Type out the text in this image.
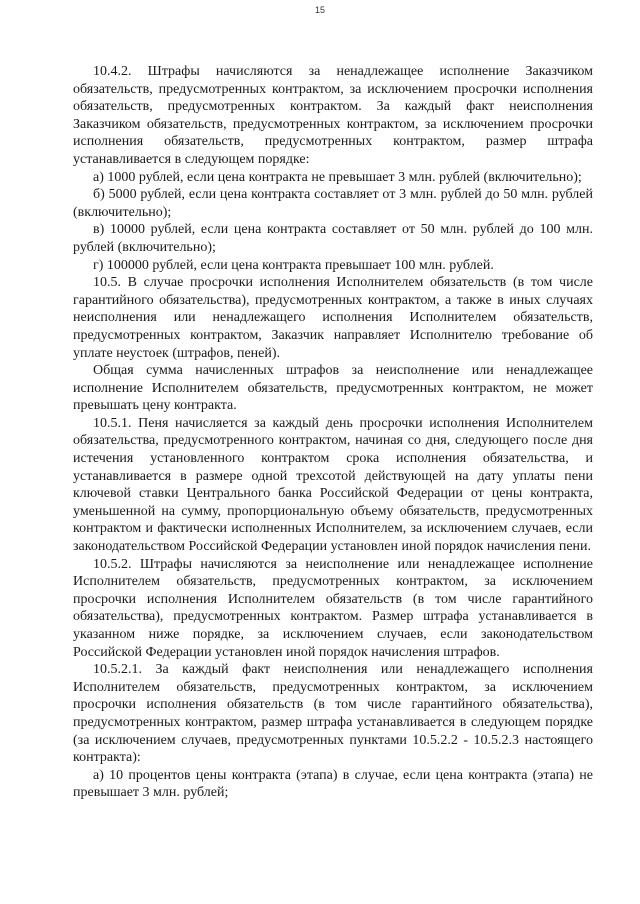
15

10.4.2. Штрафы начисляются за ненадлежащее исполнение Заказчиком обязательств, предусмотренных контрактом, за исключением просрочки исполнения обязательств, предусмотренных контрактом. За каждый факт неисполнения Заказчиком обязательств, предусмотренных контрактом, за исключением просрочки исполнения обязательств, предусмотренных контрактом, размер штрафа устанавливается в следующем порядке:

а) 1000 рублей, если цена контракта не превышает 3 млн. рублей (включительно);

б) 5000 рублей, если цена контракта составляет от 3 млн. рублей до 50 млн. рублей (включительно);

в) 10000 рублей, если цена контракта составляет от 50 млн. рублей до 100 млн. рублей (включительно);

г) 100000 рублей, если цена контракта превышает 100 млн. рублей.

10.5. В случае просрочки исполнения Исполнителем обязательств (в том числе гарантийного обязательства), предусмотренных контрактом, а также в иных случаях неисполнения или ненадлежащего исполнения Исполнителем обязательств, предусмотренных контрактом, Заказчик направляет Исполнителю требование об уплате неустоек (штрафов, пеней).

Общая сумма начисленных штрафов за неисполнение или ненадлежащее исполнение Исполнителем обязательств, предусмотренных контрактом, не может превышать цену контракта.

10.5.1. Пеня начисляется за каждый день просрочки исполнения Исполнителем обязательства, предусмотренного контрактом, начиная со дня, следующего после дня истечения установленного контрактом срока исполнения обязательства, и устанавливается в размере одной трехсотой действующей на дату уплаты пени ключевой ставки Центрального банка Российской Федерации от цены контракта, уменьшенной на сумму, пропорциональную объему обязательств, предусмотренных контрактом и фактически исполненных Исполнителем, за исключением случаев, если законодательством Российской Федерации установлен иной порядок начисления пени.

10.5.2. Штрафы начисляются за неисполнение или ненадлежащее исполнение Исполнителем обязательств, предусмотренных контрактом, за исключением просрочки исполнения Исполнителем обязательств (в том числе гарантийного обязательства), предусмотренных контрактом. Размер штрафа устанавливается в указанном ниже порядке, за исключением случаев, если законодательством Российской Федерации установлен иной порядок начисления штрафов.

10.5.2.1. За каждый факт неисполнения или ненадлежащего исполнения Исполнителем обязательств, предусмотренных контрактом, за исключением просрочки исполнения обязательств (в том числе гарантийного обязательства), предусмотренных контрактом, размер штрафа устанавливается в следующем порядке (за исключением случаев, предусмотренных пунктами 10.5.2.2 - 10.5.2.3 настоящего контракта):

а) 10 процентов цены контракта (этапа) в случае, если цена контракта (этапа) не превышает 3 млн. рублей;
